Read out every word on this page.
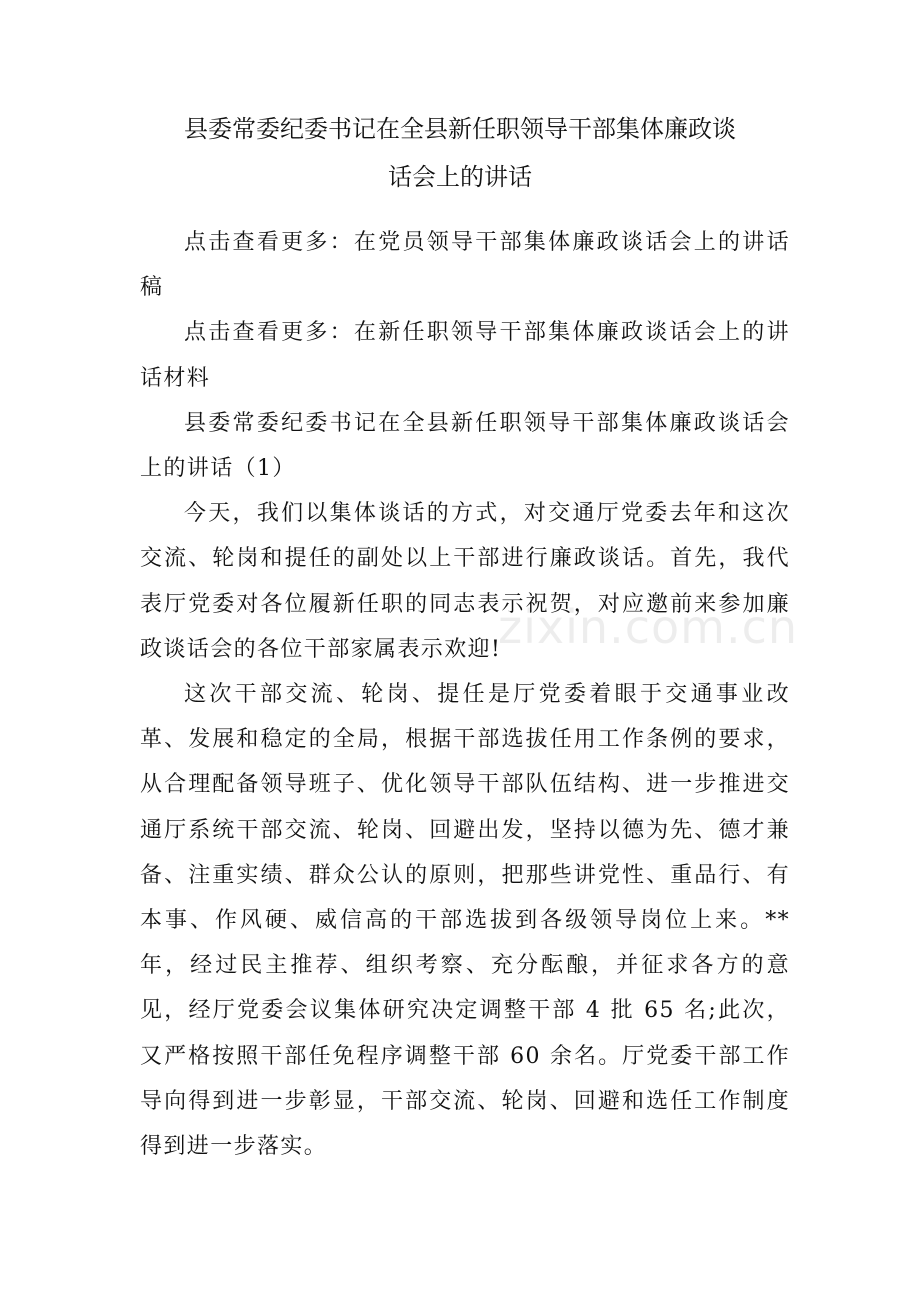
县委常委纪委书记在全县新任职领导干部集体廉政谈
话会上的讲话

点击查看更多：在党员领导干部集体廉政谈话会上的讲话稿

点击查看更多：在新任职领导干部集体廉政谈话会上的讲话材料

县委常委纪委书记在全县新任职领导干部集体廉政谈话会上的讲话（1）

今天，我们以集体谈话的方式，对交通厅党委去年和这次交流、轮岗和提任的副处以上干部进行廉政谈话。首先，我代表厅党委对各位履新任职的同志表示祝贺，对应邀前来参加廉政谈话会的各位干部家属表示欢迎!

这次干部交流、轮岗、提任是厅党委着眼于交通事业改革、发展和稳定的全局，根据干部选拔任用工作条例的要求，从合理配备领导班子、优化领导干部队伍结构、进一步推进交通厅系统干部交流、轮岗、回避出发，坚持以德为先、德才兼备、注重实绩、群众公认的原则，把那些讲党性、重品行、有本事、作风硬、威信高的干部选拔到各级领导岗位上来。**年，经过民主推荐、组织考察、充分酝酿，并征求各方的意见，经厅党委会议集体研究决定调整干部 4 批 65 名;此次，又严格按照干部任免程序调整干部 60 余名。厅党委干部工作导向得到进一步彰显，干部交流、轮岗、回避和选任工作制度得到进一步落实。

zixin.com.cn
